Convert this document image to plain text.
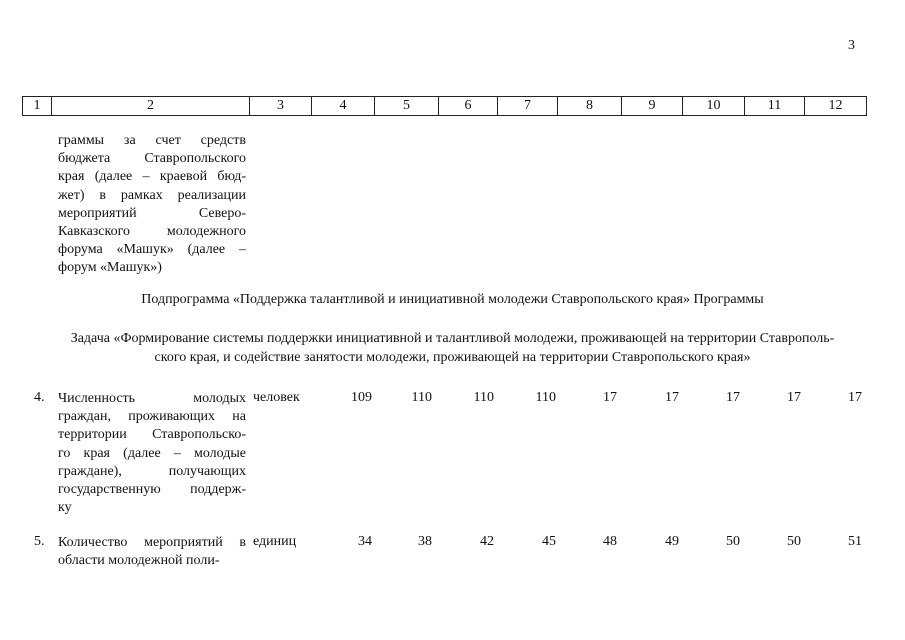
3
1	2	3	4	5	6	7	8	9	10	11	12
граммы за счет средств
бюджета Ставропольского
края (далее – краевой бюд-
жет) в рамках реализации
мероприятий Северо-
Кавказского молодежного
форума «Машук» (далее –
форум «Машук»)
Подпрограмма «Поддержка талантливой и инициативной молодежи Ставропольского края» Программы
Задача «Формирование системы поддержки инициативной и талантливой молодежи, проживающей на территории Ставрополь-
ского края, и содействие занятости молодежи, проживающей на территории Ставропольского края»
4. Численность молодых
граждан, проживающих на
территории Ставропольско-
го края (далее – молодые
граждане), получающих
государственную поддерж-
ку
человек	109	110	110	110	17	17	17	17	17
5. Количество мероприятий в
области молодежной поли-
единиц	34	38	42	45	48	49	50	50	51
